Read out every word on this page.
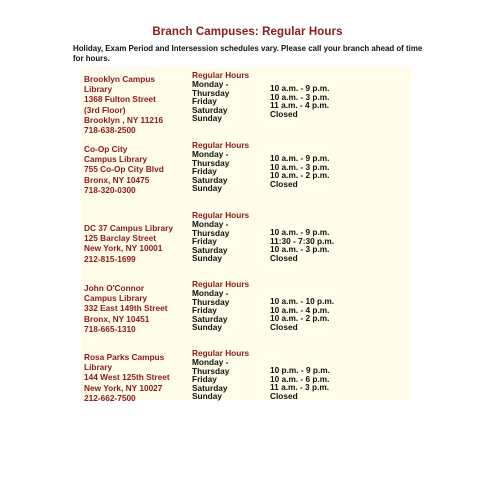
Branch Campuses: Regular Hours
Holiday, Exam Period and Intersession schedules vary. Please call your branch ahead of time for hours.
Brooklyn Campus
Library
1368 Fulton Street
(3rd Floor)
Brooklyn , NY 11216
718-638-2500
Regular Hours
Monday -
Thursday
Friday
Saturday
Sunday
10 a.m. - 9 p.m.
10 a.m. - 3 p.m.
11 a.m. - 4 p.m.
Closed
Co-Op City
Campus Library
755 Co-Op City Blvd
Bronx, NY 10475
718-320-0300
Regular Hours
Monday -
Thursday
Friday
Saturday
Sunday
10 a.m. - 9 p.m.
10 a.m. - 3 p.m.
10 a.m. - 2 p.m.
Closed
DC 37 Campus Library
125 Barclay Street
New York, NY 10001
212-815-1699
Regular Hours
Monday -
Thursday
Friday
Saturday
Sunday
10 a.m. - 9 p.m.
11:30 - 7:30 p.m.
10 a.m. - 3 p.m.
Closed
John O'Connor
Campus Library
332 East 149th Street
Bronx, NY 10451
718-665-1310
Regular Hours
Monday -
Thursday
Friday
Saturday
Sunday
10 a.m. - 10 p.m.
10 a.m. - 4 p.m.
10 a.m. - 2 p.m.
Closed
Rosa Parks Campus
Library
144 West 125th Street
New York, NY 10027
212-662-7500
Regular Hours
Monday -
Thursday
Friday
Saturday
Sunday
10 p.m. - 9 p.m.
10 a.m. - 6 p.m.
11 a.m. - 3 p.m.
Closed
